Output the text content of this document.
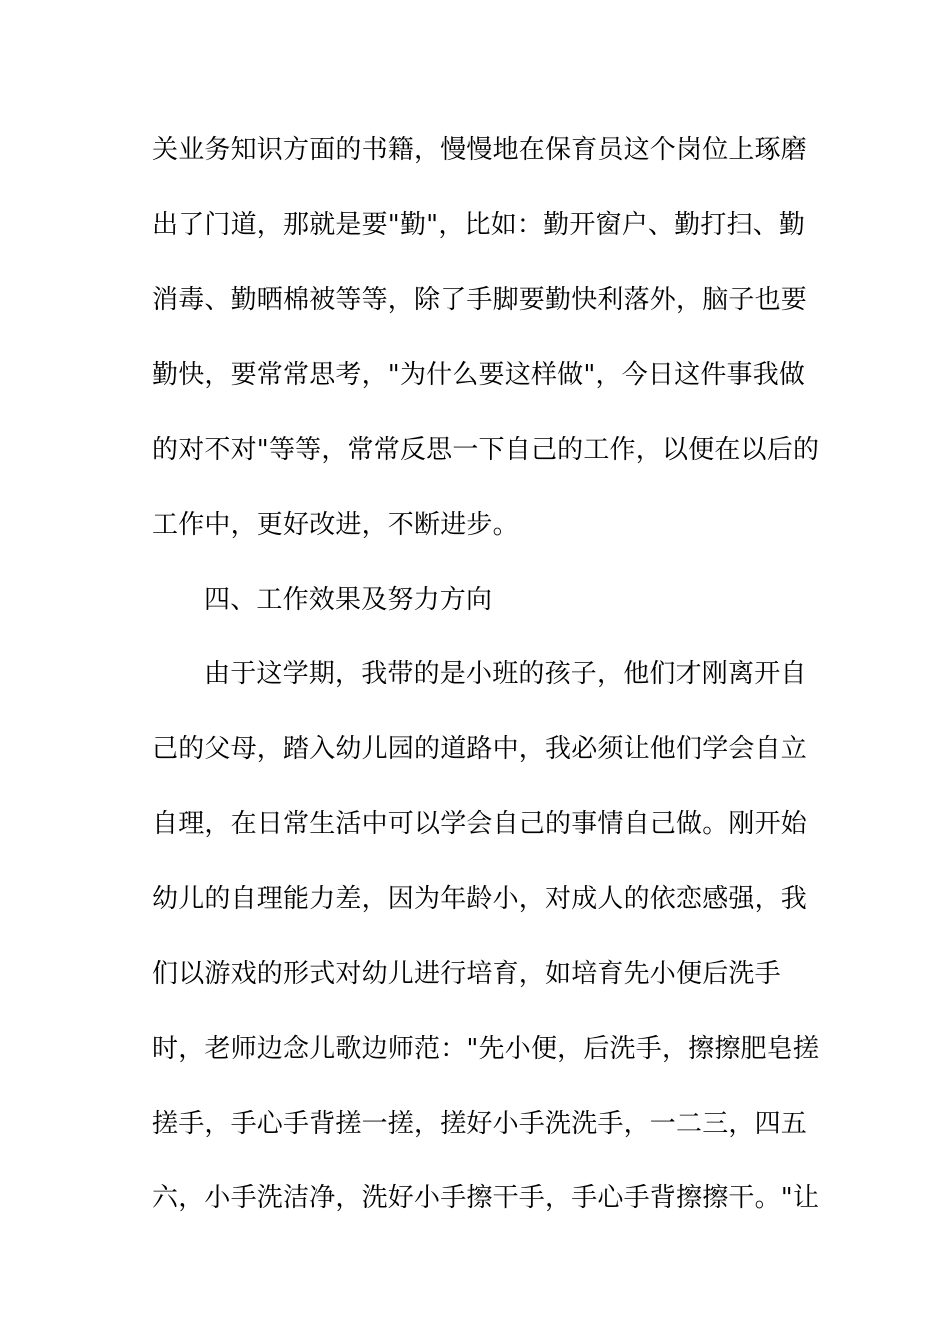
关业务知识方面的书籍，慢慢地在保育员这个岗位上琢磨
出了门道，那就是要"勤"，比如：勤开窗户、勤打扫、勤
消毒、勤晒棉被等等，除了手脚要勤快利落外，脑子也要
勤快，要常常思考，"为什么要这样做"，今日这件事我做
的对不对"等等，常常反思一下自己的工作，以便在以后的
工作中，更好改进，不断进步。
四、工作效果及努力方向
由于这学期，我带的是小班的孩子，他们才刚离开自
己的父母，踏入幼儿园的道路中，我必须让他们学会自立
自理，在日常生活中可以学会自己的事情自己做。刚开始
幼儿的自理能力差，因为年龄小，对成人的依恋感强，我
们以游戏的形式对幼儿进行培育，如培育先小便后洗手
时，老师边念儿歌边师范："先小便，后洗手，擦擦肥皂搓
搓手，手心手背搓一搓，搓好小手洗洗手，一二三，四五
六，小手洗洁净，洗好小手擦干手，手心手背擦擦干。"让
